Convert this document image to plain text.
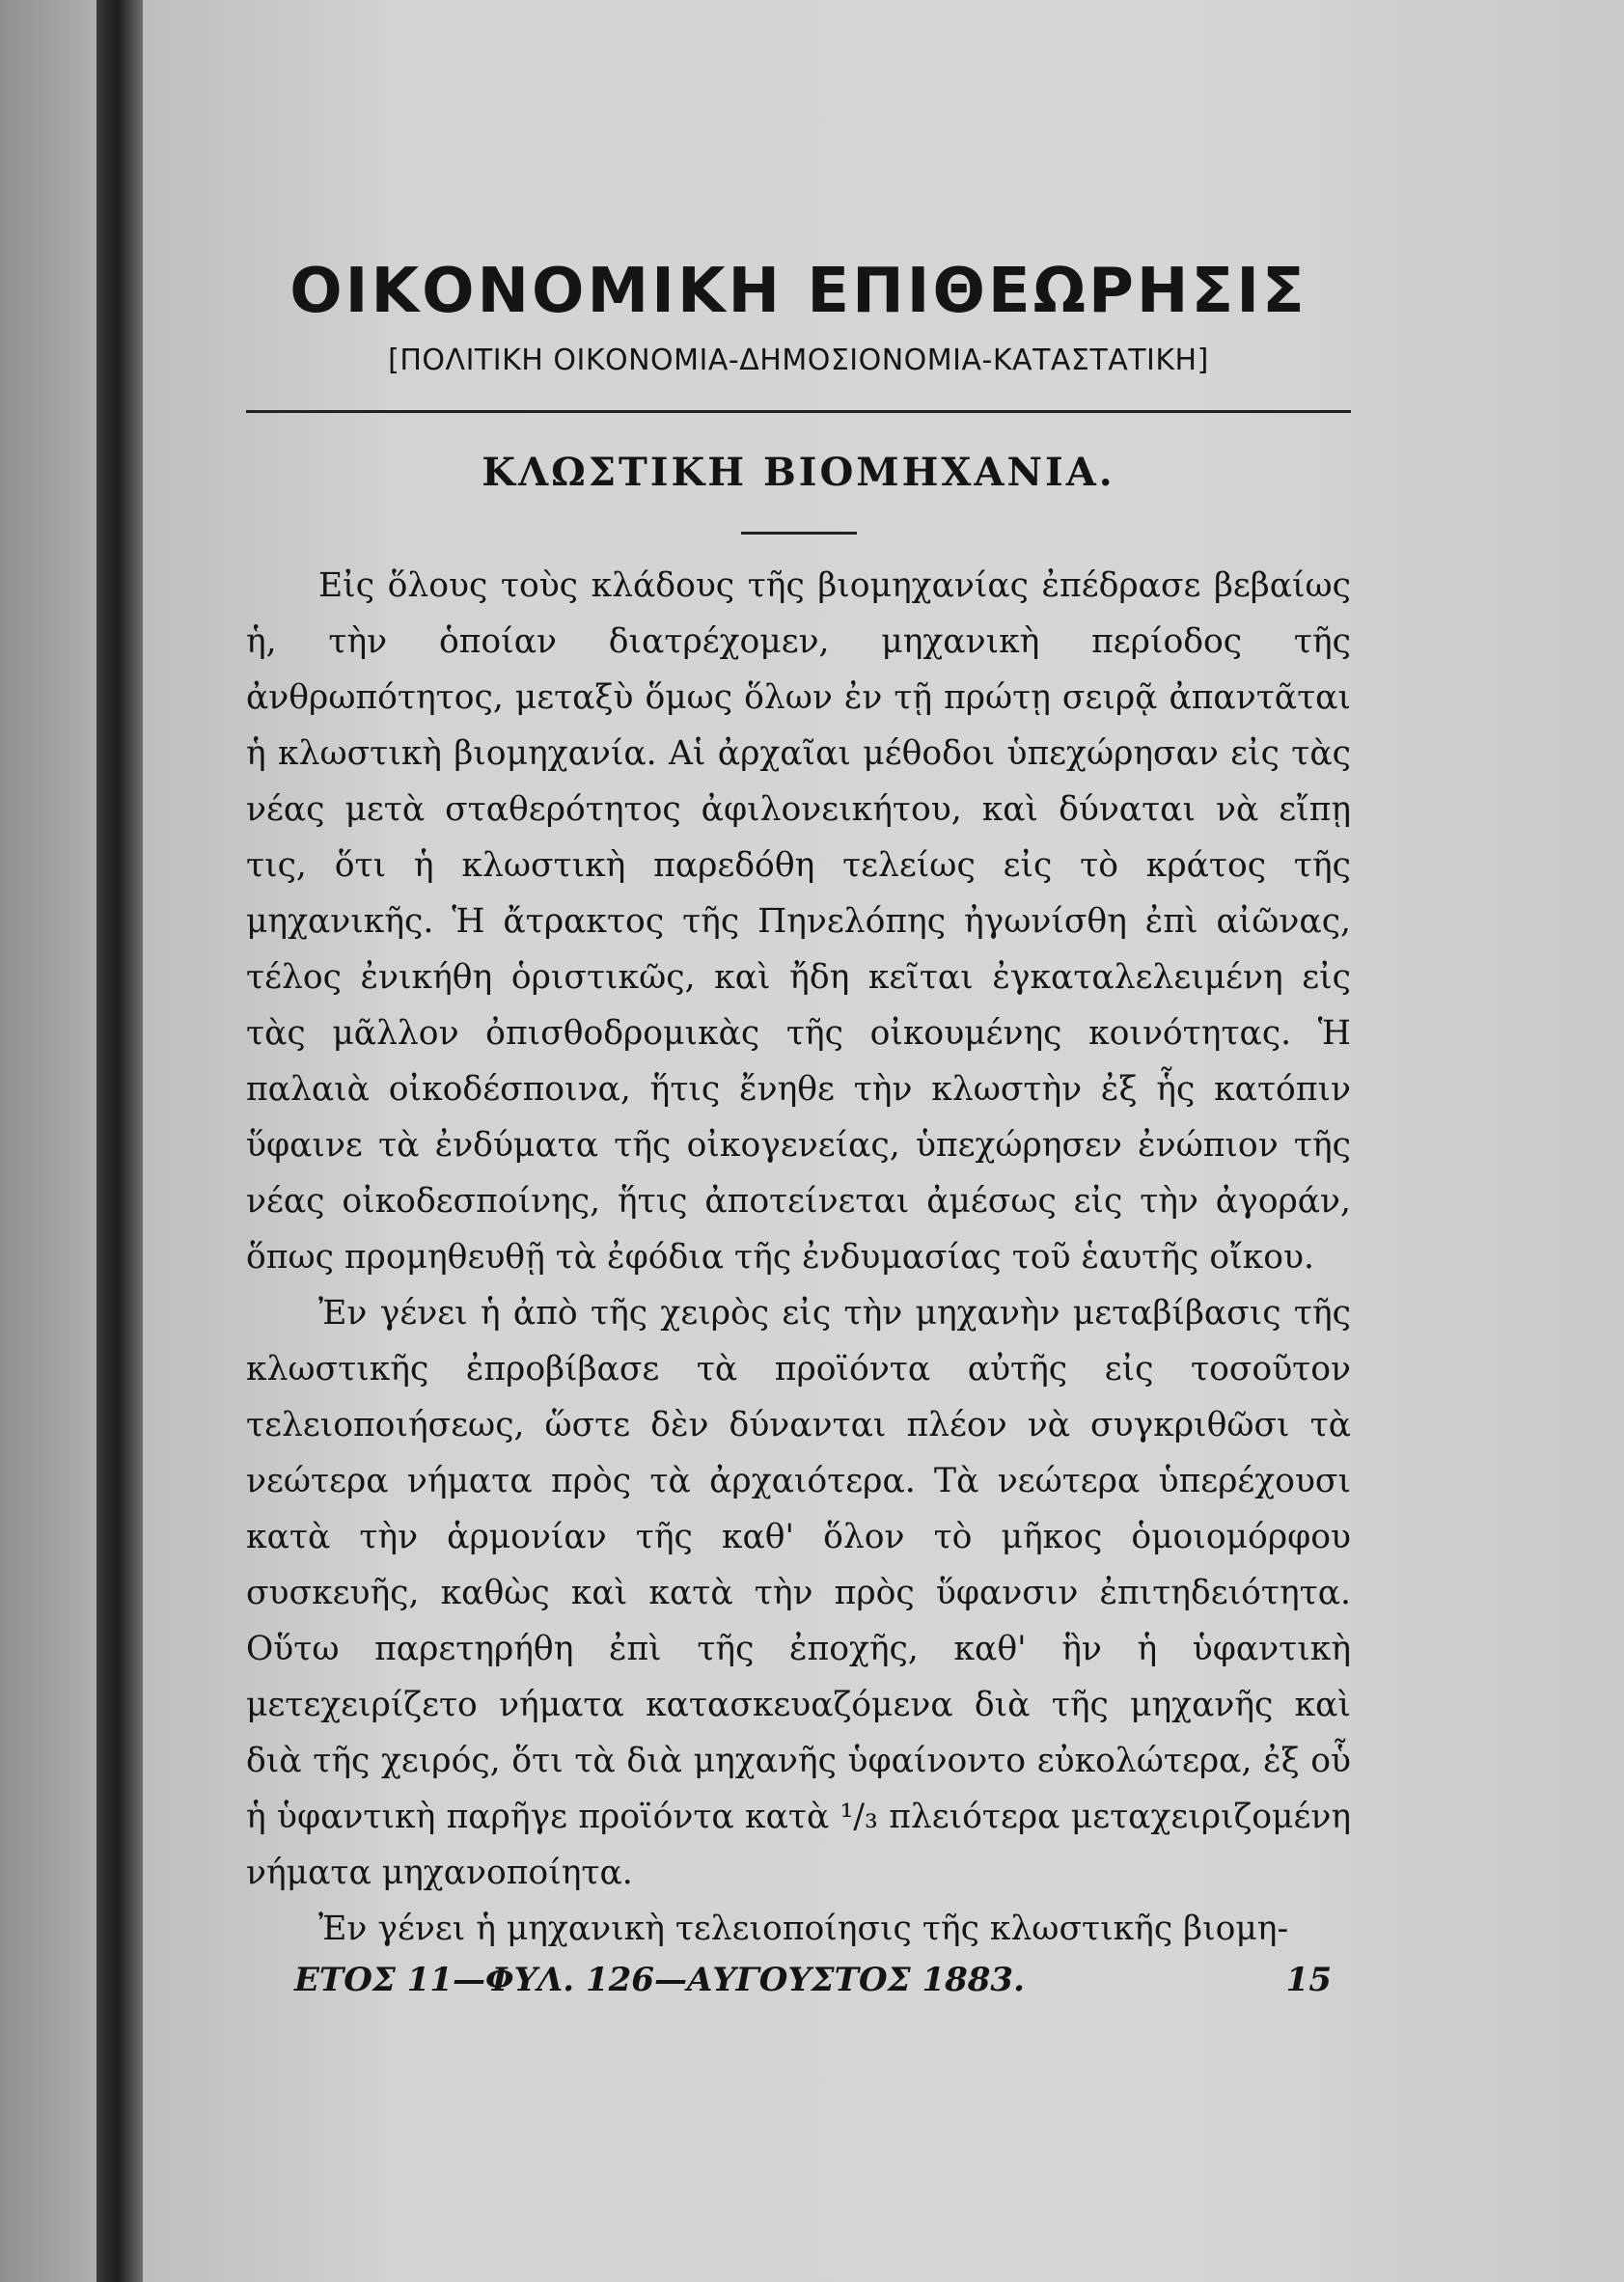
ΟΙΚΟΝΟΜΙΚΗ ΕΠΙΘΕΩΡΗΣΙΣ
[ΠΟΛΙΤΙΚΗ ΟΙΚΟΝΟΜΙΑ-ΔΗΜΟΣΙΟΝΟΜΙΑ-ΚΑΤΑΣΤΑΤΙΚΗ]
ΚΛΩΣΤΙΚΗ ΒΙΟΜΗΧΑΝΙΑ.

Εἰς ὅλους τοὺς κλάδους τῆς βιομηχανίας ἐπέδρασε βεβαίως ἡ, τὴν ὁποίαν διατρέχομεν, μηχανικὴ περίοδος τῆς ἀνθρωπότητος, μεταξὺ ὅμως ὅλων ἐν τῇ πρώτῃ σειρᾷ ἀπαντᾶται ἡ κλωστικὴ βιομηχανία. Αἱ ἀρχαῖαι μέθοδοι ὑπεχώρησαν εἰς τὰς νέας μετὰ σταθερότητος ἀφιλονεικήτου, καὶ δύναται νὰ εἴπῃ τις, ὅτι ἡ κλωστικὴ παρεδόθη τελείως εἰς τὸ κράτος τῆς μηχανικῆς. Ἡ ἄτρακτος τῆς Πηνελόπης ἠγωνίσθη ἐπὶ αἰῶνας, τέλος ἐνικήθη ὁριστικῶς, καὶ ἤδη κεῖται ἐγκαταλελειμένη εἰς τὰς μᾶλλον ὀπισθοδρομικὰς τῆς οἰκουμένης κοινότητας. Ἡ παλαιὰ οἰκοδέσποινα, ἥτις ἔνηθε τὴν κλωστὴν ἐξ ἧς κατόπιν ὕφαινε τὰ ἐνδύματα τῆς οἰκογενείας, ὑπεχώρησεν ἐνώπιον τῆς νέας οἰκοδεσποίνης, ἥτις ἀποτείνεται ἀμέσως εἰς τὴν ἀγοράν, ὅπως προμηθευθῇ τὰ ἐφόδια τῆς ἐνδυμασίας τοῦ ἑαυτῆς οἴκου.

Ἐν γένει ἡ ἀπὸ τῆς χειρὸς εἰς τὴν μηχανὴν μεταβίβασις τῆς κλωστικῆς ἐπροβίβασε τὰ προϊόντα αὐτῆς εἰς τοσοῦτον τελειοποιήσεως, ὥστε δὲν δύνανται πλέον νὰ συγκριθῶσι τὰ νεώτερα νήματα πρὸς τὰ ἀρχαιότερα. Τὰ νεώτερα ὑπερέχουσι κατὰ τὴν ἁρμονίαν τῆς καθ' ὅλον τὸ μῆκος ὁμοιομόρφου συσκευῆς, καθὼς καὶ κατὰ τὴν πρὸς ὕφανσιν ἐπιτηδειότητα. Οὕτω παρετηρήθη ἐπὶ τῆς ἐποχῆς, καθ' ἣν ἡ ὑφαντικὴ μετεχειρίζετο νήματα κατασκευαζόμενα διὰ τῆς μηχανῆς καὶ διὰ τῆς χειρός, ὅτι τὰ διὰ μηχανῆς ὑφαίνοντο εὐκολώτερα, ἐξ οὗ ἡ ὑφαντικὴ παρῆγε προϊόντα κατὰ ¹/₃ πλειότερα μεταχειριζομένη νήματα μηχανοποίητα.

Ἐν γένει ἡ μηχανικὴ τελειοποίησις τῆς κλωστικῆς βιομη-

ΕΤΟΣ 11—ΦΥΛ. 126—ΑΥΓΟΥΣΤΟΣ 1883.	15
